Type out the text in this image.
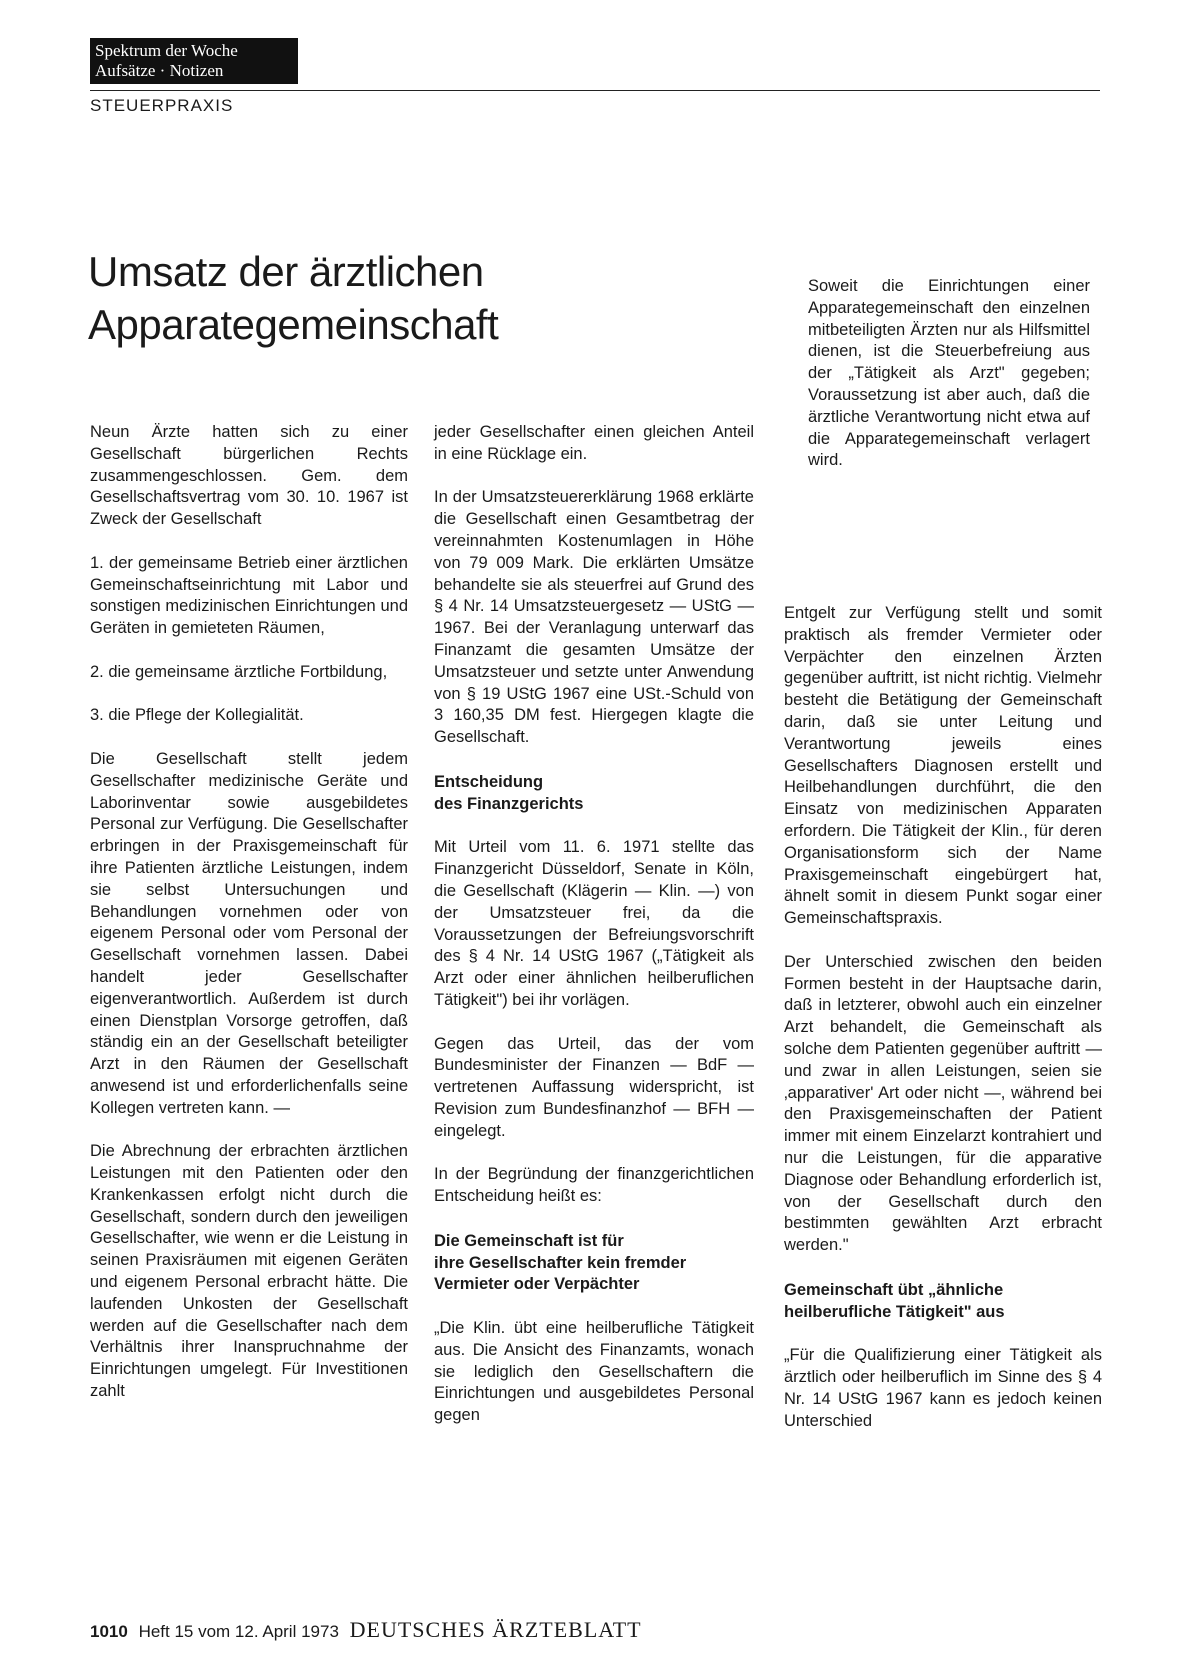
Spektrum der Woche
Aufsätze · Notizen
STEUERPRAXIS
Umsatz der ärztlichen
Apparategemeinschaft

Neun Ärzte hatten sich zu einer Gesellschaft bürgerlichen Rechts zusammengeschlossen. Gem. dem Gesellschaftsvertrag vom 30. 10. 1967 ist Zweck der Gesellschaft

1. der gemeinsame Betrieb einer ärztlichen Gemeinschaftseinrichtung mit Labor und sonstigen medizinischen Einrichtungen und Geräten in gemieteten Räumen,

2. die gemeinsame ärztliche Fortbildung,

3. die Pflege der Kollegialität.

Die Gesellschaft stellt jedem Gesellschafter medizinische Geräte und Laborinventar sowie ausgebildetes Personal zur Verfügung. Die Gesellschafter erbringen in der Praxisgemeinschaft für ihre Patienten ärztliche Leistungen, indem sie selbst Untersuchungen und Behandlungen vornehmen oder von eigenem Personal oder vom Personal der Gesellschaft vornehmen lassen. Dabei handelt jeder Gesellschafter eigenverantwortlich. Außerdem ist durch einen Dienstplan Vorsorge getroffen, daß ständig ein an der Gesellschaft beteiligter Arzt in den Räumen der Gesellschaft anwesend ist und erforderlichenfalls seine Kollegen vertreten kann. —

Die Abrechnung der erbrachten ärztlichen Leistungen mit den Patienten oder den Krankenkassen erfolgt nicht durch die Gesellschaft, sondern durch den jeweiligen Gesellschafter, wie wenn er die Leistung in seinen Praxisräumen mit eigenen Geräten und eigenem Personal erbracht hätte. Die laufenden Unkosten der Gesellschaft werden auf die Gesellschafter nach dem Verhältnis ihrer Inanspruchnahme der Einrichtungen umgelegt. Für Investitionen zahlt

jeder Gesellschafter einen gleichen Anteil in eine Rücklage ein.

In der Umsatzsteuererklärung 1968 erklärte die Gesellschaft einen Gesamtbetrag der vereinnahmten Kostenumlagen in Höhe von 79 009 Mark. Die erklärten Umsätze behandelte sie als steuerfrei auf Grund des § 4 Nr. 14 Umsatzsteuergesetz — UStG — 1967. Bei der Veranlagung unterwarf das Finanzamt die gesamten Umsätze der Umsatzsteuer und setzte unter Anwendung von § 19 UStG 1967 eine USt.-Schuld von 3 160,35 DM fest. Hiergegen klagte die Gesellschaft.

Entscheidung
des Finanzgerichts

Mit Urteil vom 11. 6. 1971 stellte das Finanzgericht Düsseldorf, Senate in Köln, die Gesellschaft (Klägerin — Klin. —) von der Umsatzsteuer frei, da die Voraussetzungen der Befreiungsvorschrift des § 4 Nr. 14 UStG 1967 („Tätigkeit als Arzt oder einer ähnlichen heilberuflichen Tätigkeit") bei ihr vorlägen.

Gegen das Urteil, das der vom Bundesminister der Finanzen — BdF — vertretenen Auffassung widerspricht, ist Revision zum Bundesfinanzhof — BFH — eingelegt.

In der Begründung der finanzgerichtlichen Entscheidung heißt es:

Die Gemeinschaft ist für
ihre Gesellschafter kein fremder
Vermieter oder Verpächter

„Die Klin. übt eine heilberufliche Tätigkeit aus. Die Ansicht des Finanzamts, wonach sie lediglich den Gesellschaftern die Einrichtungen und ausgebildetes Personal gegen

Soweit die Einrichtungen einer Apparategemeinschaft den einzelnen mitbeteiligten Ärzten nur als Hilfsmittel dienen, ist die Steuerbefreiung aus der „Tätigkeit als Arzt" gegeben; Voraussetzung ist aber auch, daß die ärztliche Verantwortung nicht etwa auf die Apparategemeinschaft verlagert wird.

Entgelt zur Verfügung stellt und somit praktisch als fremder Vermieter oder Verpächter den einzelnen Ärzten gegenüber auftritt, ist nicht richtig. Vielmehr besteht die Betätigung der Gemeinschaft darin, daß sie unter Leitung und Verantwortung jeweils eines Gesellschafters Diagnosen erstellt und Heilbehandlungen durchführt, die den Einsatz von medizinischen Apparaten erfordern. Die Tätigkeit der Klin., für deren Organisationsform sich der Name Praxisgemeinschaft eingebürgert hat, ähnelt somit in diesem Punkt sogar einer Gemeinschaftspraxis.

Der Unterschied zwischen den beiden Formen besteht in der Hauptsache darin, daß in letzterer, obwohl auch ein einzelner Arzt behandelt, die Gemeinschaft als solche dem Patienten gegenüber auftritt — und zwar in allen Leistungen, seien sie ‚apparativer' Art oder nicht —, während bei den Praxisgemeinschaften der Patient immer mit einem Einzelarzt kontrahiert und nur die Leistungen, für die apparative Diagnose oder Behandlung erforderlich ist, von der Gesellschaft durch den bestimmten gewählten Arzt erbracht werden."

Gemeinschaft übt „ähnliche
heilberufliche Tätigkeit" aus

„Für die Qualifizierung einer Tätigkeit als ärztlich oder heilberuflich im Sinne des § 4 Nr. 14 UStG 1967 kann es jedoch keinen Unterschied

1010 Heft 15 vom 12. April 1973 DEUTSCHES ÄRZTEBLATT
